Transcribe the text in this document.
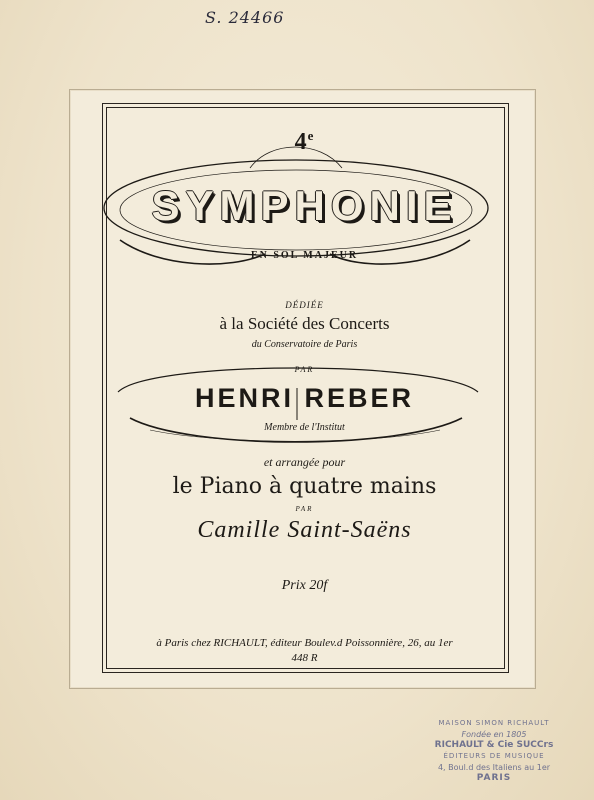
S. 24466
4e
SYMPHONIE
EN SOL MAJEUR
DÉDIÉE
à la Société des Concerts
du Conservatoire de Paris
PAR
HENRI REBER
Membre de l'Institut
et arrangée pour
le Piano à quatre mains
PAR
Camille Saint-Saëns
Prix 20f
à Paris chez RICHAULT, éditeur Boulev.d Poissonnière, 26, au 1er
448 R
MAISON SIMON RICHAULT
Fondée en 1805
RICHAULT & Cie SUCCrs
ÉDITEURS DE MUSIQUE
4, Boul.d des Italiens au 1er
PARIS
